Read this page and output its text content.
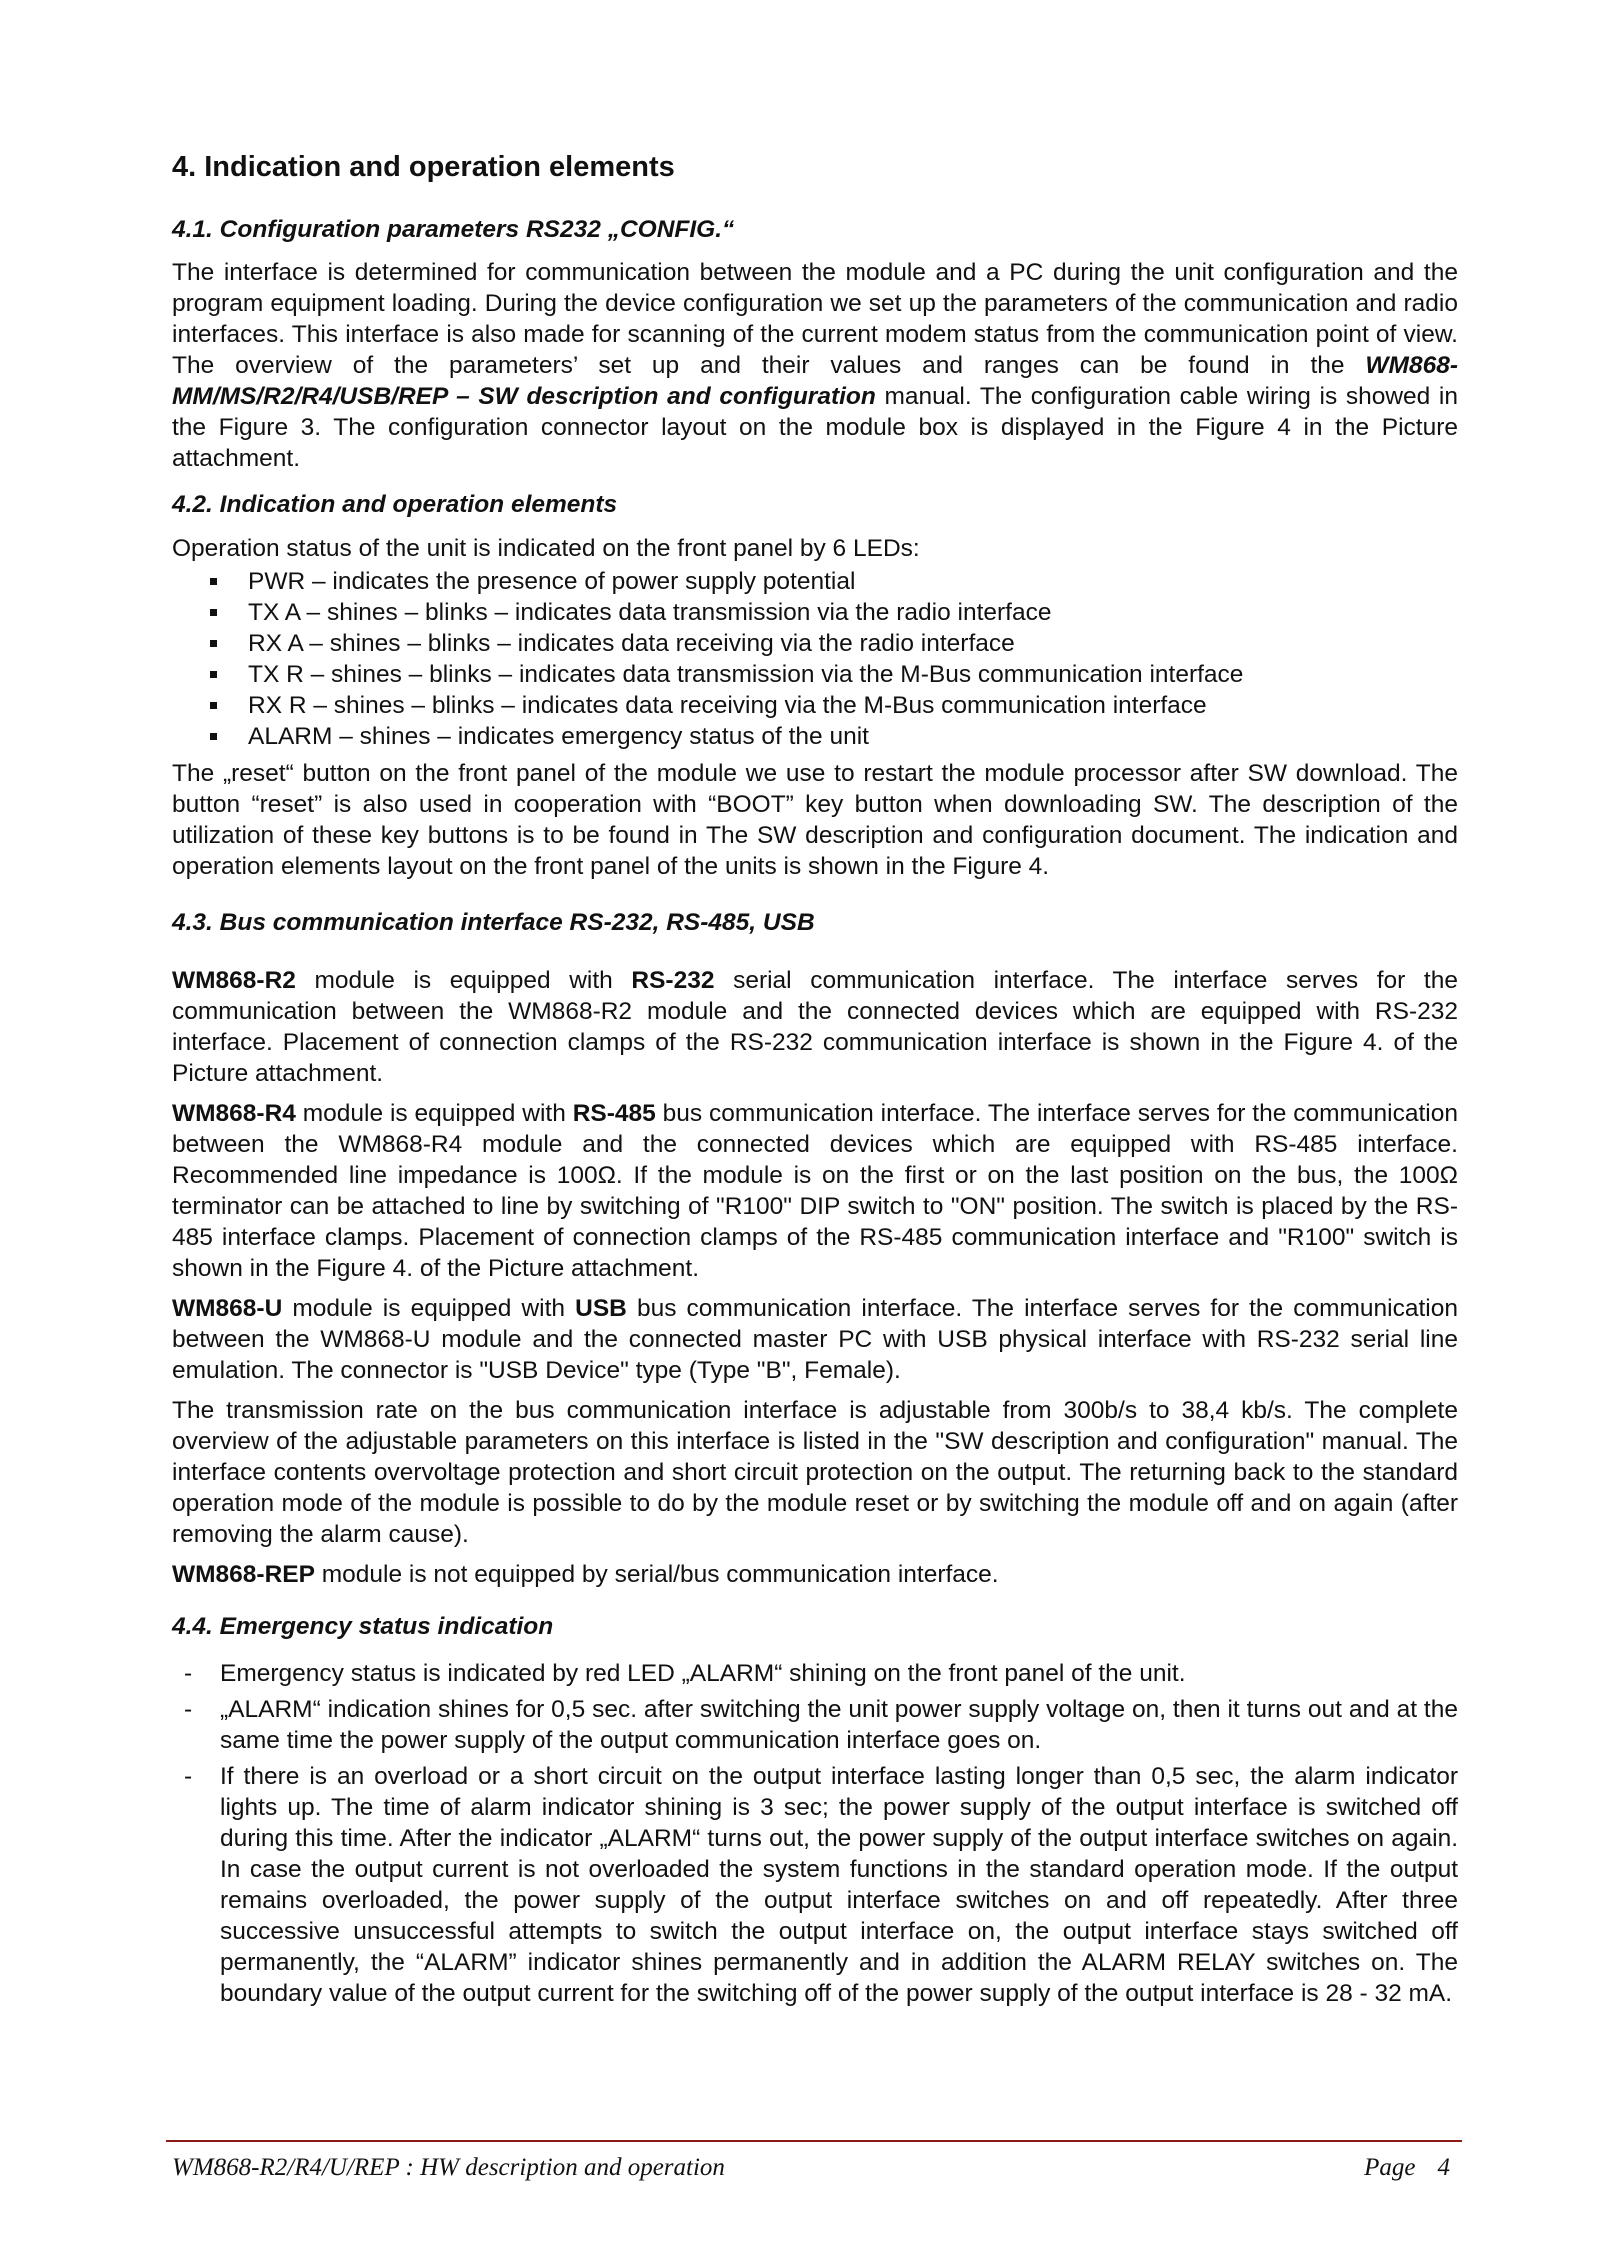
4. Indication and operation elements
4.1. Configuration parameters RS232 „CONFIG.“

The interface is determined for communication between the module and a PC during the unit configuration and the program equipment loading. During the device configuration we set up the parameters of the communication and radio interfaces. This interface is also made for scanning of the current modem status from the communication point of view. The overview of the parameters’ set up and their values and ranges can be found in the WM868-MM/MS/R2/R4/USB/REP – SW description and configuration manual. The configuration cable wiring is showed in the Figure 3. The configuration connector layout on the module box is displayed in the Figure 4 in the Picture attachment.

4.2. Indication and operation elements

Operation status of the unit is indicated on the front panel by 6 LEDs:

PWR – indicates the presence of power supply potential
TX A – shines – blinks – indicates data transmission via the radio interface
RX A – shines – blinks – indicates data receiving via the radio interface
TX R – shines – blinks – indicates data transmission via the M-Bus communication interface
RX R – shines – blinks – indicates data receiving via the M-Bus communication interface
ALARM – shines – indicates emergency status of the unit

The „reset“ button on the front panel of the module we use to restart the module processor after SW download. The button “reset” is also used in cooperation with “BOOT” key button when downloading SW. The description of the utilization of these key buttons is to be found in The SW description and configuration document. The indication and operation elements layout on the front panel of the units is shown in the Figure 4.

4.3. Bus communication interface RS-232, RS-485, USB

WM868-R2 module is equipped with RS-232 serial communication interface. The interface serves for the communication between the WM868-R2 module and the connected devices which are equipped with RS-232 interface. Placement of connection clamps of the RS-232 communication interface is shown in the Figure 4. of the Picture attachment.

WM868-R4 module is equipped with RS-485 bus communication interface. The interface serves for the communication between the WM868-R4 module and the connected devices which are equipped with RS-485 interface. Recommended line impedance is 100Ω. If the module is on the first or on the last position on the bus, the 100Ω terminator can be attached to line by switching of "R100" DIP switch to "ON" position. The switch is placed by the RS-485 interface clamps. Placement of connection clamps of the RS-485 communication interface and "R100" switch is shown in the Figure 4. of the Picture attachment.

WM868-U module is equipped with USB bus communication interface. The interface serves for the communication between the WM868-U module and the connected master PC with USB physical interface with RS-232 serial line emulation. The connector is "USB Device" type (Type "B", Female).

The transmission rate on the bus communication interface is adjustable from 300b/s to 38,4 kb/s. The complete overview of the adjustable parameters on this interface is listed in the "SW description and configuration" manual. The interface contents overvoltage protection and short circuit protection on the output. The returning back to the standard operation mode of the module is possible to do by the module reset or by switching the module off and on again (after removing the alarm cause).

WM868-REP module is not equipped by serial/bus communication interface.

4.4. Emergency status indication
- Emergency status is indicated by red LED „ALARM“ shining on the front panel of the unit.
- „ALARM“ indication shines for 0,5 sec. after switching the unit power supply voltage on, then it turns out and at the same time the power supply of the output communication interface goes on.
- If there is an overload or a short circuit on the output interface lasting longer than 0,5 sec, the alarm indicator lights up. The time of alarm indicator shining is 3 sec; the power supply of the output interface is switched off during this time. After the indicator „ALARM“ turns out, the power supply of the output interface switches on again. In case the output current is not overloaded the system functions in the standard operation mode. If the output remains overloaded, the power supply of the output interface switches on and off repeatedly. After three successive unsuccessful attempts to switch the output interface on, the output interface stays switched off permanently, the “ALARM” indicator shines permanently and in addition the ALARM RELAY switches on. The boundary value of the output current for the switching off of the power supply of the output interface is 28 - 32 mA.
WM868-R2/R4/U/REP : HW description and operation	Page 4
